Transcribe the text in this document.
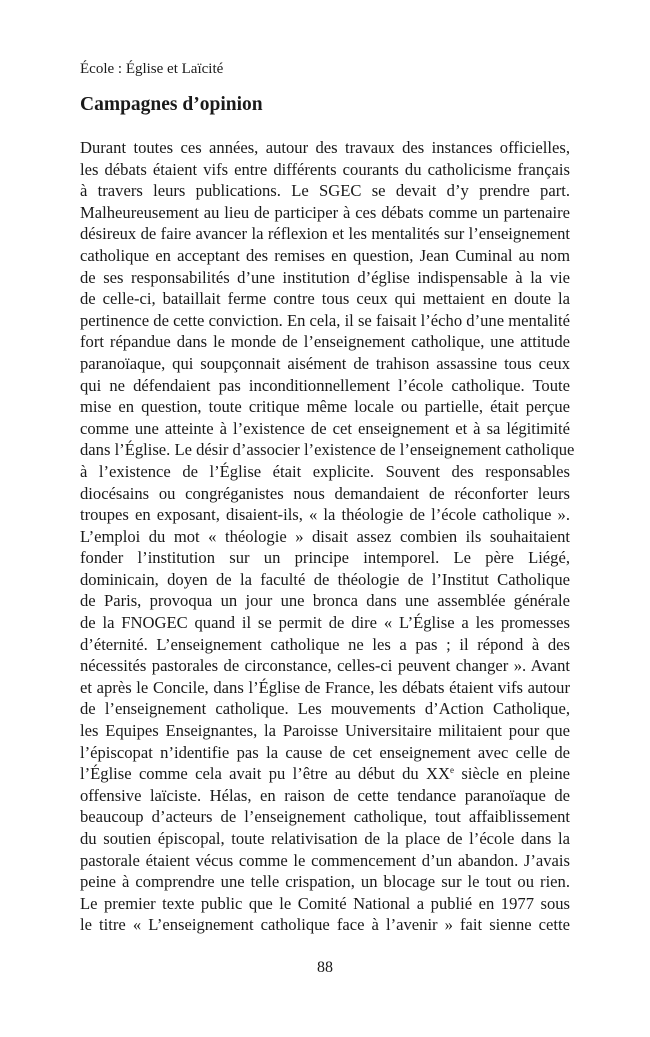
École : Église et Laïcité
Campagnes d’opinion
Durant toutes ces années, autour des travaux des instances officielles,
les débats étaient vifs entre différents courants du catholicisme français
à travers leurs publications. Le SGEC se devait d’y prendre part.
Malheureusement au lieu de participer à ces débats comme un partenaire
désireux de faire avancer la réflexion et les mentalités sur l’enseignement
catholique en acceptant des remises en question, Jean Cuminal au nom
de ses responsabilités d’une institution d’église indispensable à la vie
de celle-ci, bataillait ferme contre tous ceux qui mettaient en doute la
pertinence de cette conviction. En cela, il se faisait l’écho d’une mentalité
fort répandue dans le monde de l’enseignement catholique, une attitude
paranoïaque, qui soupçonnait aisément de trahison assassine tous ceux
qui ne défendaient pas inconditionnellement l’école catholique. Toute
mise en question, toute critique même locale ou partielle, était perçue
comme une atteinte à l’existence de cet enseignement et à sa légitimité
dans l’Église. Le désir d’associer l’existence de l’enseignement catholique
à l’existence de l’Église était explicite. Souvent des responsables
diocésains ou congréganistes nous demandaient de réconforter leurs
troupes en exposant, disaient-ils, « la théologie de l’école catholique ».
L’emploi du mot « théologie » disait assez combien ils souhaitaient
fonder l’institution sur un principe intemporel. Le père Liégé,
dominicain, doyen de la faculté de théologie de l’Institut Catholique
de Paris, provoqua un jour une bronca dans une assemblée générale
de la FNOGEC quand il se permit de dire « L’Église a les promesses
d’éternité. L’enseignement catholique ne les a pas ; il répond à des
nécessités pastorales de circonstance, celles-ci peuvent changer ». Avant
et après le Concile, dans l’Église de France, les débats étaient vifs autour
de l’enseignement catholique. Les mouvements d’Action Catholique,
les Equipes Enseignantes, la Paroisse Universitaire militaient pour que
l’épiscopat n’identifie pas la cause de cet enseignement avec celle de
l’Église comme cela avait pu l’être au début du XXe siècle en pleine
offensive laïciste. Hélas, en raison de cette tendance paranoïaque de
beaucoup d’acteurs de l’enseignement catholique, tout affaiblissement
du soutien épiscopal, toute relativisation de la place de l’école dans la
pastorale étaient vécus comme le commencement d’un abandon. J’avais
peine à comprendre une telle crispation, un blocage sur le tout ou rien.
Le premier texte public que le Comité National a publié en 1977 sous
le titre « L’enseignement catholique face à l’avenir » fait sienne cette
88
